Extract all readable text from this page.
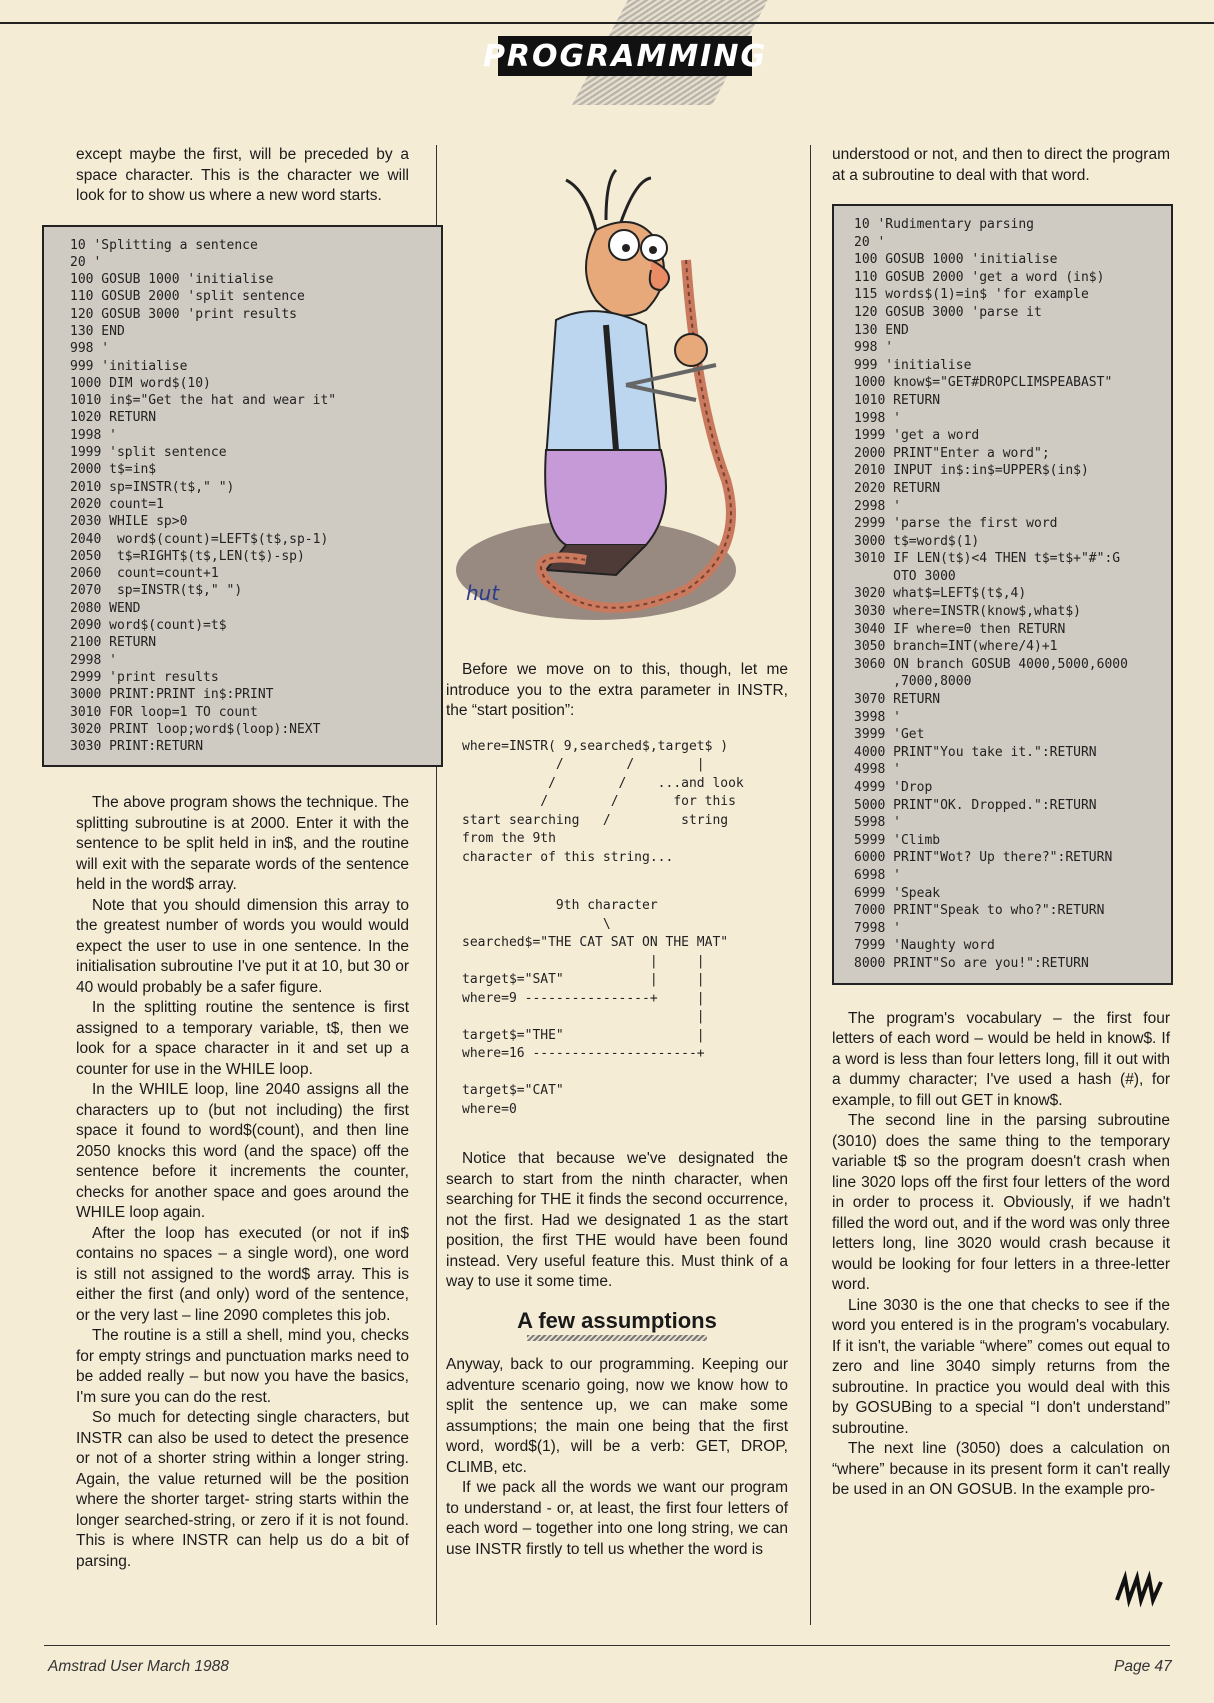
PROGRAMMING

except maybe the first, will be preceded by a space character. This is the character we will look for to show us where a new word starts.

10 'Splitting a sentence
20 '
100 GOSUB 1000 'initialise
110 GOSUB 2000 'split sentence
120 GOSUB 3000 'print results
130 END
998 '
999 'initialise
1000 DIM word$(10)
1010 in$="Get the hat and wear it"
1020 RETURN
1998 '
1999 'split sentence
2000 t$=in$
2010 sp=INSTR(t$," ")
2020 count=1
2030 WHILE sp>0
2040  word$(count)=LEFT$(t$,sp-1)
2050  t$=RIGHT$(t$,LEN(t$)-sp)
2060  count=count+1
2070  sp=INSTR(t$," ")
2080 WEND
2090 word$(count)=t$
2100 RETURN
2998 '
2999 'print results
3000 PRINT:PRINT in$:PRINT
3010 FOR loop=1 TO count
3020 PRINT loop;word$(loop):NEXT
3030 PRINT:RETURN

The above program shows the technique. The splitting subroutine is at 2000. Enter it with the sentence to be split held in in$, and the routine will exit with the separate words of the sentence held in the word$ array.

Note that you should dimension this array to the greatest number of words you would would expect the user to use in one sentence. In the initialisation subroutine I've put it at 10, but 30 or 40 would probably be a safer figure.

In the splitting routine the sentence is first assigned to a temporary variable, t$, then we look for a space character in it and set up a counter for use in the WHILE loop.

In the WHILE loop, line 2040 assigns all the characters up to (but not including) the first space it found to word$(count), and then line 2050 knocks this word (and the space) off the sentence before it increments the counter, checks for another space and goes around the WHILE loop again.

After the loop has executed (or not if in$ contains no spaces – a single word), one word is still not assigned to the word$ array. This is either the first (and only) word of the sentence, or the very last – line 2090 completes this job.

The routine is a still a shell, mind you, checks for empty strings and punctuation marks need to be added really – but now you have the basics, I'm sure you can do the rest.

So much for detecting single characters, but INSTR can also be used to detect the presence or not of a shorter string within a longer string. Again, the value returned will be the position where the shorter target- string starts within the longer searched-string, or zero if it is not found. This is where INSTR can help us do a bit of parsing.

hut

Before we move on to this, though, let me introduce you to the extra parameter in INSTR, the “start position”:

where=INSTR( 9,searched$,target$ )
/        /        |
/        /    ...and look
/        /       for this
start searching   /         string
from the 9th
character of this string...
9th character
\
searched$="THE CAT SAT ON THE MAT"
|     |
target$="SAT"           |     |
where=9 ----------------+     |
|
target$="THE"                 |
where=16 ---------------------+

target$="CAT"
where=0

Notice that because we've designated the search to start from the ninth character, when searching for THE it finds the second occurrence, not the first. Had we designated 1 as the start position, the first THE would have been found instead. Very useful feature this. Must think of a way to use it some time.

A few assumptions

Anyway, back to our programming. Keeping our adventure scenario going, now we know how to split the sentence up, we can make some assumptions; the main one being that the first word, word$(1), will be a verb: GET, DROP, CLIMB, etc.

If we pack all the words we want our program to understand - or, at least, the first four letters of each word – together into one long string, we can use INSTR firstly to tell us whether the word is

understood or not, and then to direct the program at a subroutine to deal with that word.

10 'Rudimentary parsing
20 '
100 GOSUB 1000 'initialise
110 GOSUB 2000 'get a word (in$)
115 words$(1)=in$ 'for example
120 GOSUB 3000 'parse it
130 END
998 '
999 'initialise
1000 know$="GET#DROPCLIMSPEABAST"
1010 RETURN
1998 '
1999 'get a word
2000 PRINT"Enter a word";
2010 INPUT in$:in$=UPPER$(in$)
2020 RETURN
2998 '
2999 'parse the first word
3000 t$=word$(1)
3010 IF LEN(t$)<4 THEN t$=t$+"#":G
OTO 3000
3020 what$=LEFT$(t$,4)
3030 where=INSTR(know$,what$)
3040 IF where=0 then RETURN
3050 branch=INT(where/4)+1
3060 ON branch GOSUB 4000,5000,6000
,7000,8000
3070 RETURN
3998 '
3999 'Get
4000 PRINT"You take it.":RETURN
4998 '
4999 'Drop
5000 PRINT"OK. Dropped.":RETURN
5998 '
5999 'Climb
6000 PRINT"Wot? Up there?":RETURN
6998 '
6999 'Speak
7000 PRINT"Speak to who?":RETURN
7998 '
7999 'Naughty word
8000 PRINT"So are you!":RETURN

The program's vocabulary – the first four letters of each word – would be held in know$. If a word is less than four letters long, fill it out with a dummy character; I've used a hash (#), for example, to fill out GET in know$.

The second line in the parsing subroutine (3010) does the same thing to the temporary variable t$ so the program doesn't crash when line 3020 lops off the first four letters of the word in order to process it. Obviously, if we hadn't filled the word out, and if the word was only three letters long, line 3020 would crash because it would be looking for four letters in a three-letter word.

Line 3030 is the one that checks to see if the word you entered is in the program's vocabulary. If it isn't, the variable “where” comes out equal to zero and line 3040 simply returns from the subroutine. In practice you would deal with this by GOSUBing to a special “I don't understand” subroutine.

The next line (3050) does a calculation on “where” because in its present form it can't really be used in an ON GOSUB. In the example pro-

Amstrad User March 1988	Page 47
